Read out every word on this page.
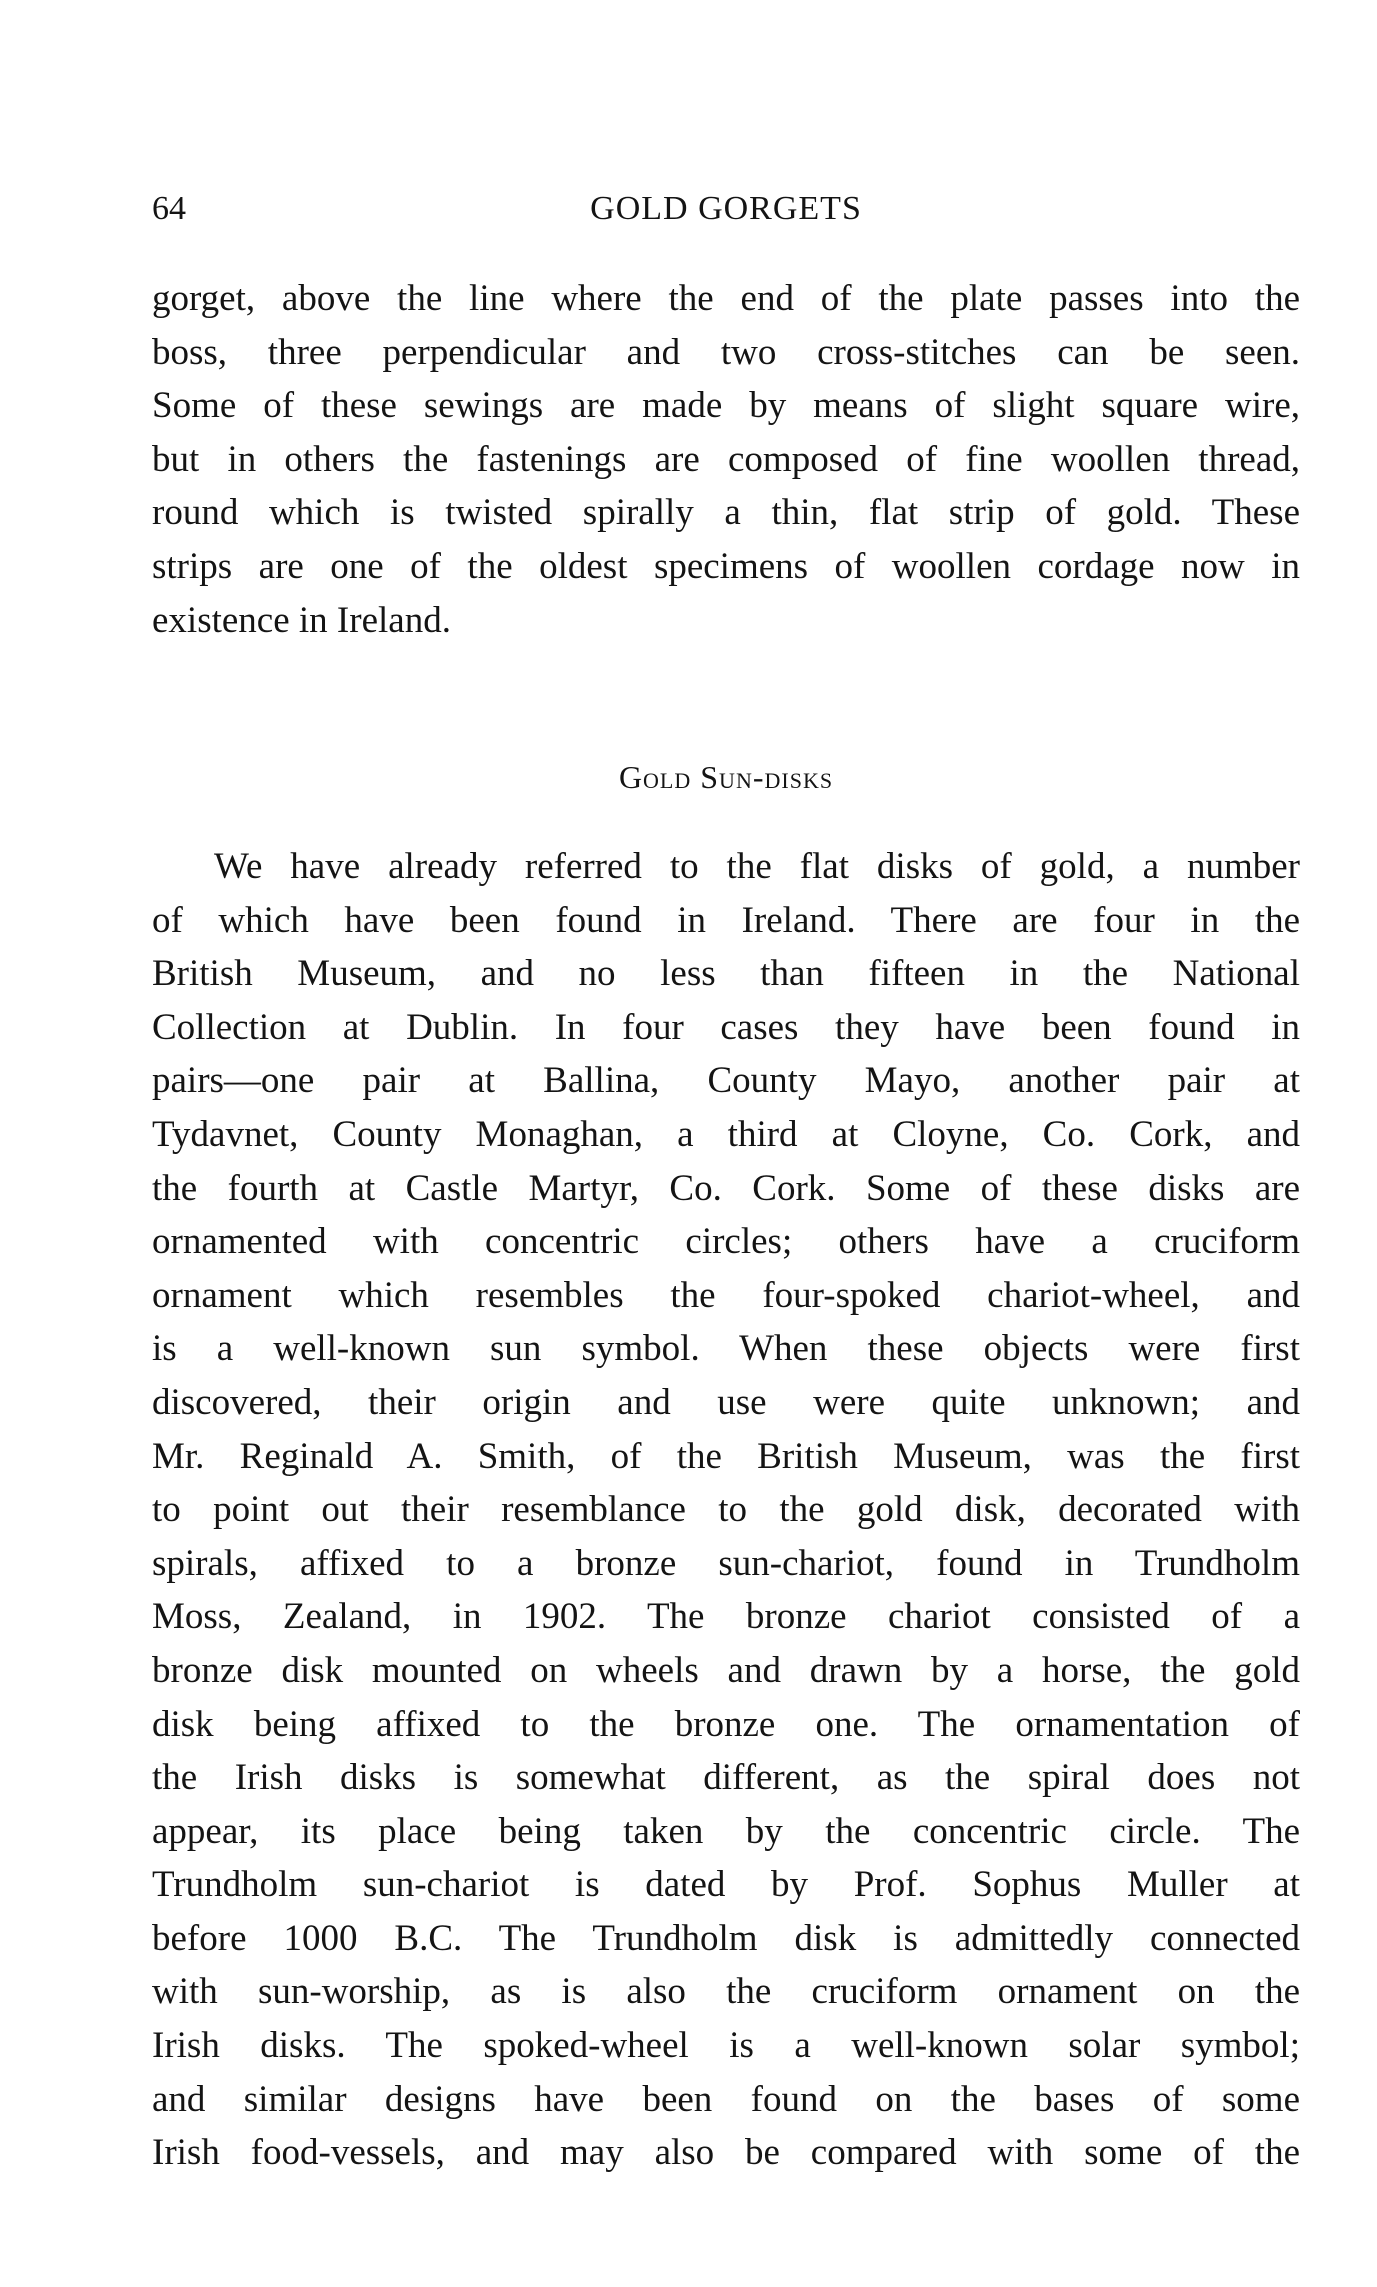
64	GOLD GORGETS
gorget, above the line where the end of the plate passes into the
boss, three perpendicular and two cross-stitches can be seen.
Some of these sewings are made by means of slight square wire,
but in others the fastenings are composed of fine woollen thread,
round which is twisted spirally a thin, flat strip of gold. These
strips are one of the oldest specimens of woollen cordage now in
existence in Ireland.
Gold Sun-disks
We have already referred to the flat disks of gold, a number
of which have been found in Ireland. There are four in the
British Museum, and no less than fifteen in the National
Collection at Dublin. In four cases they have been found in
pairs—one pair at Ballina, County Mayo, another pair at
Tydavnet, County Monaghan, a third at Cloyne, Co. Cork, and
the fourth at Castle Martyr, Co. Cork. Some of these disks are
ornamented with concentric circles; others have a cruciform
ornament which resembles the four-spoked chariot-wheel, and
is a well-known sun symbol. When these objects were first
discovered, their origin and use were quite unknown; and
Mr. Reginald A. Smith, of the British Museum, was the first
to point out their resemblance to the gold disk, decorated with
spirals, affixed to a bronze sun-chariot, found in Trundholm
Moss, Zealand, in 1902. The bronze chariot consisted of a
bronze disk mounted on wheels and drawn by a horse, the gold
disk being affixed to the bronze one. The ornamentation of
the Irish disks is somewhat different, as the spiral does not
appear, its place being taken by the concentric circle. The
Trundholm sun-chariot is dated by Prof. Sophus Muller at
before 1000 B.C. The Trundholm disk is admittedly connected
with sun-worship, as is also the cruciform ornament on the
Irish disks. The spoked-wheel is a well-known solar symbol;
and similar designs have been found on the bases of some
Irish food-vessels, and may also be compared with some of the
